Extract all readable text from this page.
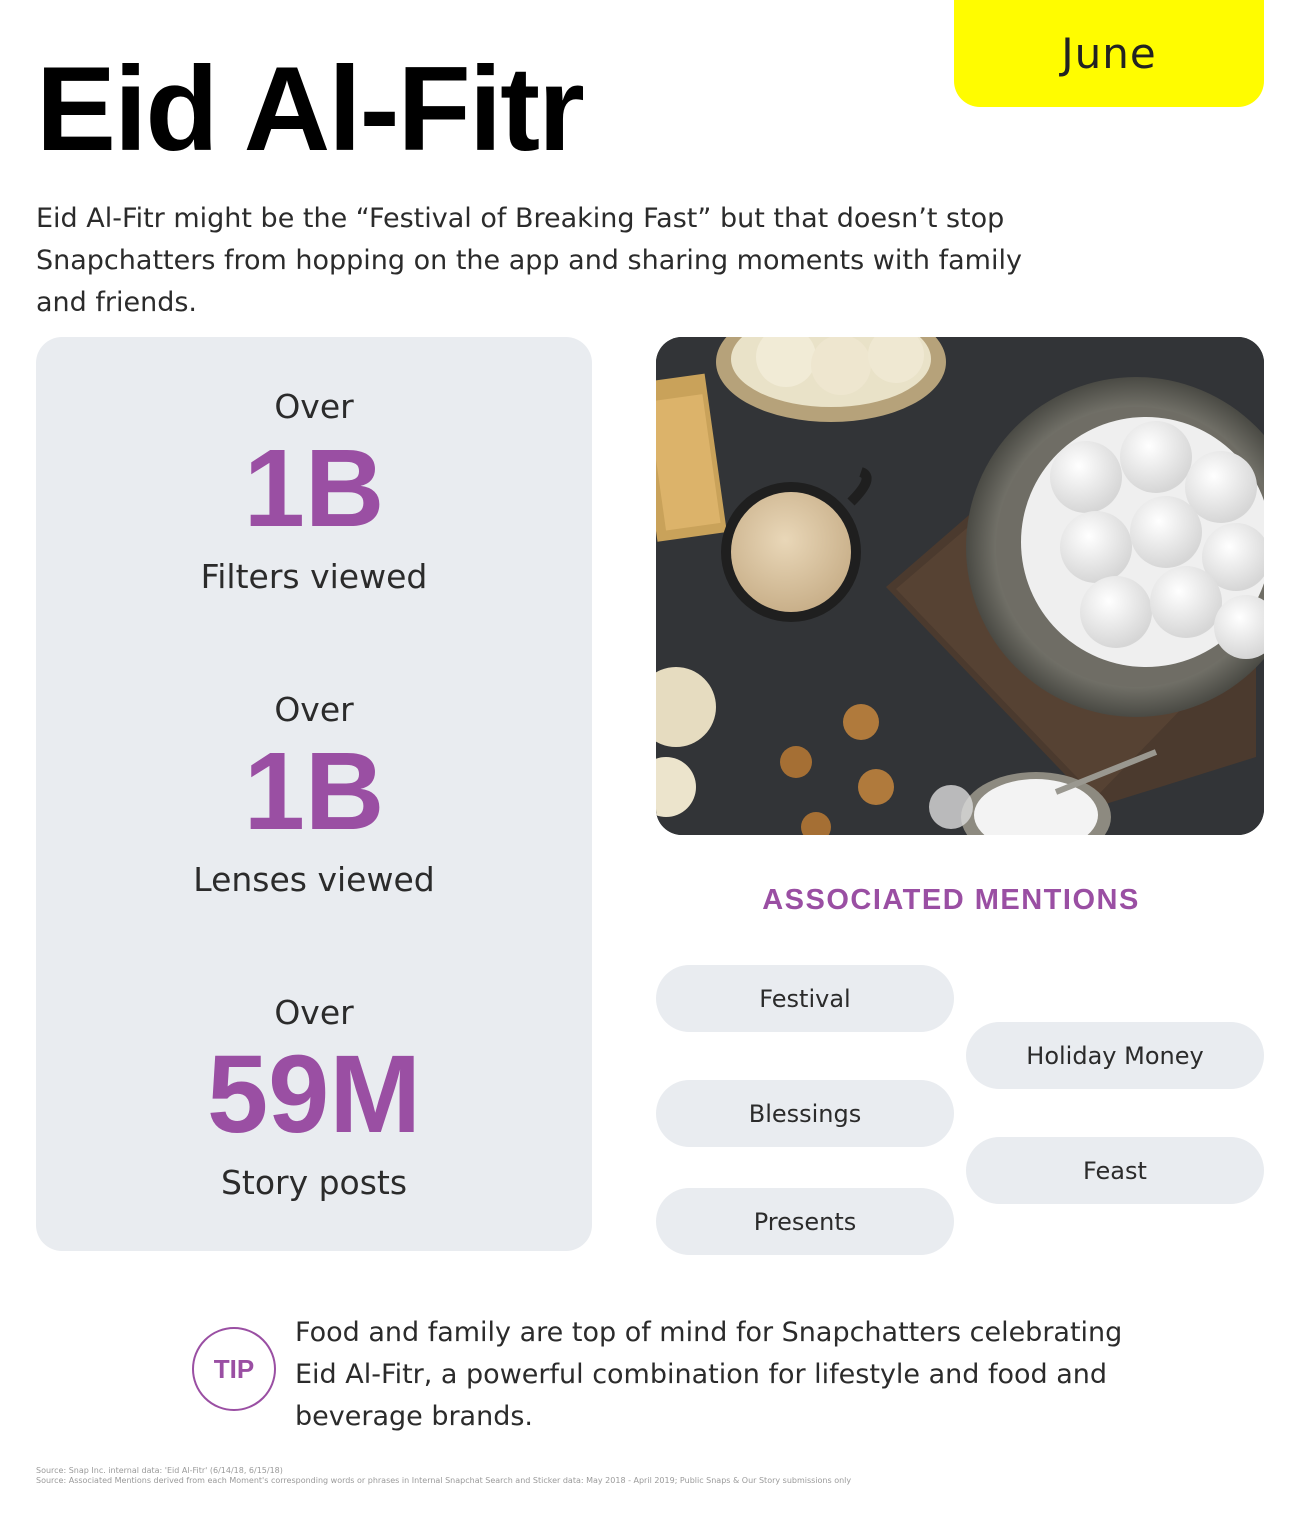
June
Eid Al-Fitr

Eid Al-Fitr might be the “Festival of Breaking Fast” but that doesn’t stop Snapchatters from hopping on the app and sharing moments with family and friends.

Over
1B
Filters viewed
Over
1B
Lenses viewed
Over
59M
Story posts
ASSOCIATED MENTIONS
Festival
Holiday Money
Blessings
Feast
Presents
TIP

Food and family are top of mind for Snapchatters celebrating Eid Al-Fitr, a powerful combination for lifestyle and food and beverage brands.

Source: Snap Inc. internal data: 'Eid Al-Fitr' (6/14/18, 6/15/18)
Source: Associated Mentions derived from each Moment's corresponding words or phrases in Internal Snapchat Search and Sticker data: May 2018 - April 2019; Public Snaps & Our Story submissions only
